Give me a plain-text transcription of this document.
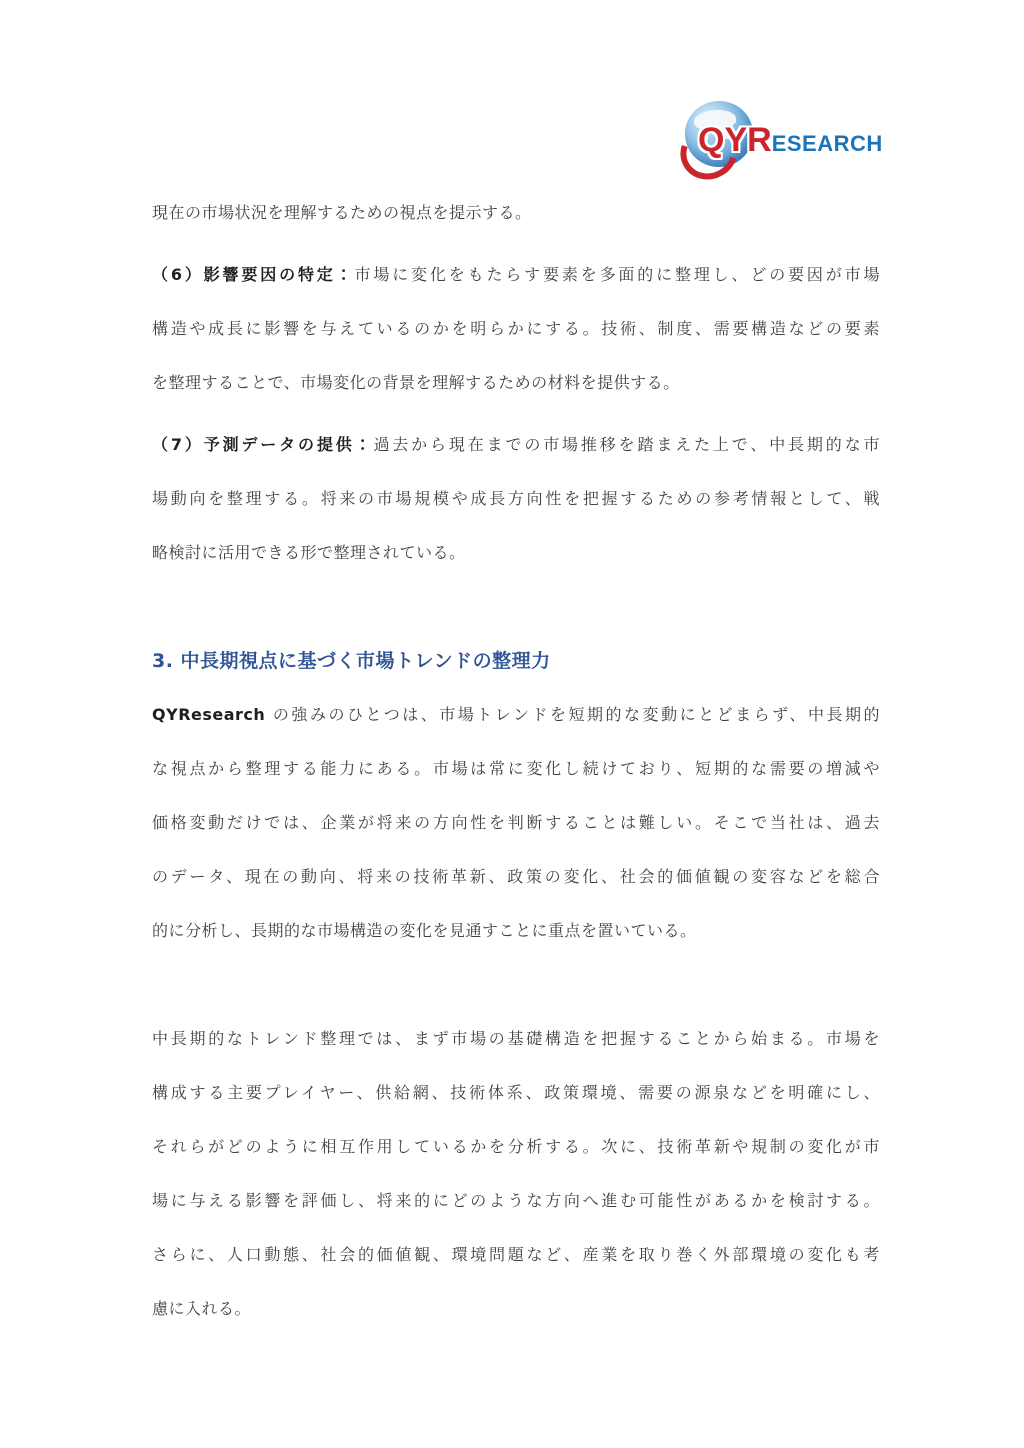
QYR ESEARCH
現在の市場状況を理解するための視点を提示する。
（6）影響要因の特定：市場に変化をもたらす要素を多面的に整理し、どの要因が市場
構造や成長に影響を与えているのかを明らかにする。技術、制度、需要構造などの要素
を整理することで、市場変化の背景を理解するための材料を提供する。
（7）予測データの提供：過去から現在までの市場推移を踏まえた上で、中長期的な市
場動向を整理する。将来の市場規模や成長方向性を把握するための参考情報として、戦
略検討に活用できる形で整理されている。
3. 中長期視点に基づく市場トレンドの整理力
QYResearch の強みのひとつは、市場トレンドを短期的な変動にとどまらず、中長期的
な視点から整理する能力にある。市場は常に変化し続けており、短期的な需要の増減や
価格変動だけでは、企業が将来の方向性を判断することは難しい。そこで当社は、過去
のデータ、現在の動向、将来の技術革新、政策の変化、社会的価値観の変容などを総合
的に分析し、長期的な市場構造の変化を見通すことに重点を置いている。
中長期的なトレンド整理では、まず市場の基礎構造を把握することから始まる。市場を
構成する主要プレイヤー、供給網、技術体系、政策環境、需要の源泉などを明確にし、
それらがどのように相互作用しているかを分析する。次に、技術革新や規制の変化が市
場に与える影響を評価し、将来的にどのような方向へ進む可能性があるかを検討する。
さらに、人口動態、社会的価値観、環境問題など、産業を取り巻く外部環境の変化も考
慮に入れる。
